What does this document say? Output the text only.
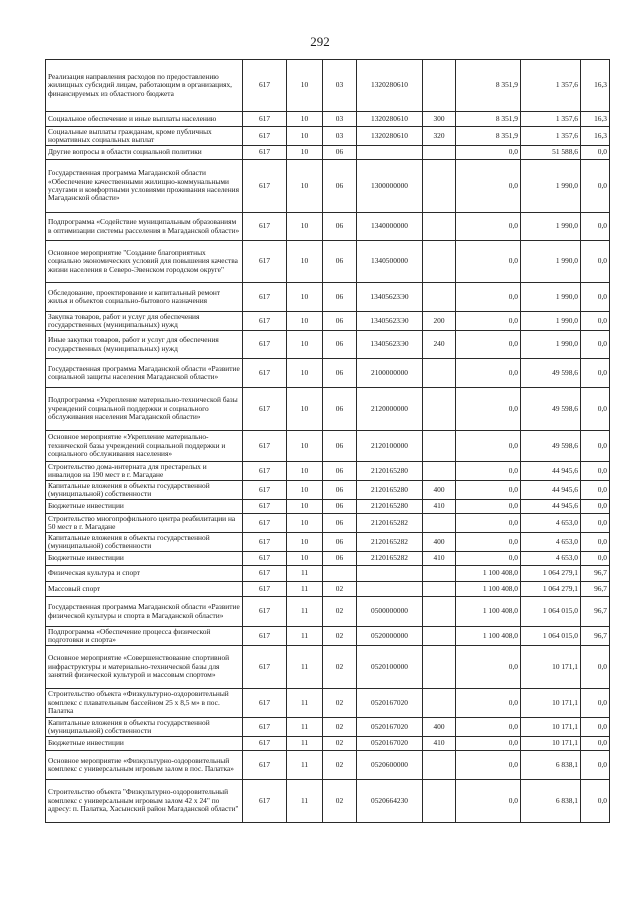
292
Реализация направления расходов по предоставлению жилищных субсидий лицам, работающим в организациях, финансируемых из областного бюджета	617	10	03	1320280610		8 351,9	1 357,6	16,3
Социальное обеспечение и иные выплаты населению	617	10	03	1320280610	300	8 351,9	1 357,6	16,3
Социальные выплаты гражданам, кроме публичных нормативных социальных выплат	617	10	03	1320280610	320	8 351,9	1 357,6	16,3
Другие вопросы в области социальной политики	617	10	06			0,0	51 588,6	0,0
Государственная программа Магаданской области «Обеспечение качественными жилищно-коммунальными услугами и комфортными условиями проживания населения Магаданской области»	617	10	06	1300000000		0,0	1 990,0	0,0
Подпрограмма «Содействие муниципальным образованиям в оптимизации системы расселения в Магаданской области»	617	10	06	1340000000		0,0	1 990,0	0,0
Основное мероприятие "Создание благоприятных социально экономических условий для повышения качества жизни населения в Северо-Эвенском городском округе"	617	10	06	1340500000		0,0	1 990,0	0,0
Обследование, проектирование и капитальный ремонт жилья и объектов социально-бытового назначения	617	10	06	13405623Э0		0,0	1 990,0	0,0
Закупка товаров, работ и услуг для обеспечения государственных (муниципальных) нужд	617	10	06	13405623Э0	200	0,0	1 990,0	0,0
Иные закупки товаров, работ и услуг для обеспечения государственных (муниципальных) нужд	617	10	06	13405623Э0	240	0,0	1 990,0	0,0
Государственная программа Магаданской области «Развитие социальной защиты населения Магаданской области»	617	10	06	2100000000		0,0	49 598,6	0,0
Подпрограмма «Укрепление материально-технической базы учреждений социальной поддержки и социального обслуживания населения Магаданской области»	617	10	06	2120000000		0,0	49 598,6	0,0
Основное мероприятие «Укрепление материально-технической базы учреждений социальной поддержки и социального обслуживания населения»	617	10	06	2120100000		0,0	49 598,6	0,0
Строительство дома-интерната для престарелых и инвалидов на 190 мест в г. Магадане	617	10	06	2120165280		0,0	44 945,6	0,0
Капитальные вложения в объекты государственной (муниципальной) собственности	617	10	06	2120165280	400	0,0	44 945,6	0,0
Бюджетные инвестиции	617	10	06	2120165280	410	0,0	44 945,6	0,0
Строительство многопрофильного центра реабилитации на 50 мест в г. Магадане	617	10	06	2120165282		0,0	4 653,0	0,0
Капитальные вложения в объекты государственной (муниципальной) собственности	617	10	06	2120165282	400	0,0	4 653,0	0,0
Бюджетные инвестиции	617	10	06	2120165282	410	0,0	4 653,0	0,0
Физическая культура и спорт	617	11				1 100 408,0	1 064 279,1	96,7
Массовый спорт	617	11	02			1 100 408,0	1 064 279,1	96,7
Государственная программа Магаданской области «Развитие физической культуры и спорта в Магаданской области»	617	11	02	0500000000		1 100 408,0	1 064 015,0	96,7
Подпрограмма «Обеспечение процесса физической подготовки и спорта»	617	11	02	0520000000		1 100 408,0	1 064 015,0	96,7
Основное мероприятие «Совершенствование спортивной инфраструктуры и материально-технической базы для занятий физической культурой и массовым спортом»	617	11	02	0520100000		0,0	10 171,1	0,0
Строительство объекта «Физкультурно-оздоровительный комплекс с плавательным бассейном 25 х 8,5 м» в пос. Палатка	617	11	02	0520167020		0,0	10 171,1	0,0
Капитальные вложения в объекты государственной (муниципальной) собственности	617	11	02	0520167020	400	0,0	10 171,1	0,0
Бюджетные инвестиции	617	11	02	0520167020	410	0,0	10 171,1	0,0
Основное мероприятие «Физкультурно-оздоровительный комплекс с универсальным игровым залом в пос. Палатка»	617	11	02	0520600000		0,0	6 838,1	0,0
Строительство объекта "Физкультурно-оздоровительный комплекс с универсальным игровым залом 42 х 24" по адресу: п. Палатка, Хасынский район Магаданской области"	617	11	02	0520664230		0,0	6 838,1	0,0
